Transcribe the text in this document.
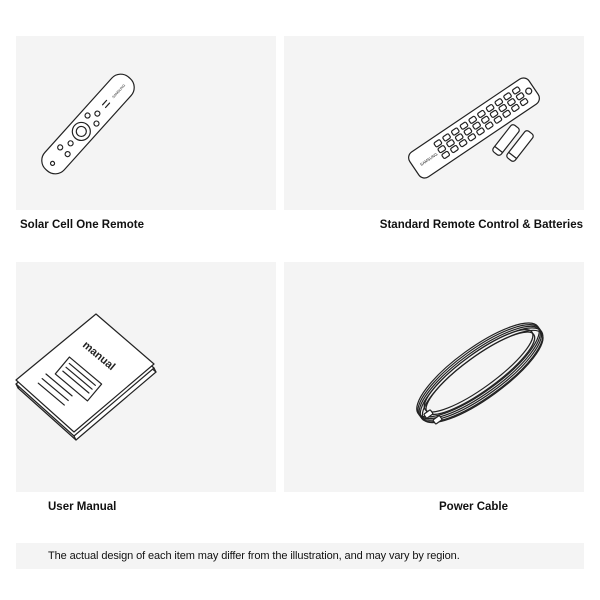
SAMSUNG
SAMSUNG
Solar Cell One Remote	Standard Remote Control & Batteries
manual
User Manual	Power Cable
The actual design of each item may differ from the illustration, and may vary by region.
